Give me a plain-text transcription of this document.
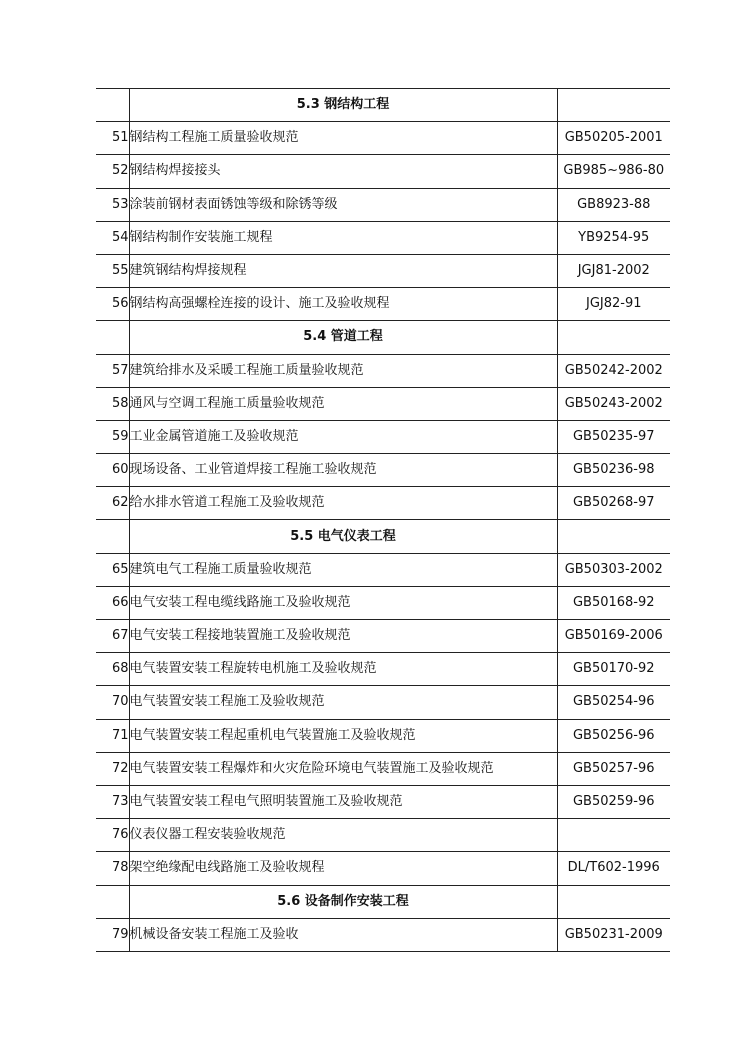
	5.3 钢结构工程	
51	钢结构工程施工质量验收规范	GB50205-2001
52	钢结构焊接接头	GB985~986-80
53	涂装前钢材表面锈蚀等级和除锈等级	GB8923-88
54	钢结构制作安装施工规程	YB9254-95
55	建筑钢结构焊接规程	JGJ81-2002
56	钢结构高强螺栓连接的设计、施工及验收规程	JGJ82-91
	5.4 管道工程	
57	建筑给排水及采暖工程施工质量验收规范	GB50242-2002
58	通风与空调工程施工质量验收规范	GB50243-2002
59	工业金属管道施工及验收规范	GB50235-97
60	现场设备、工业管道焊接工程施工验收规范	GB50236-98
62	给水排水管道工程施工及验收规范	GB50268-97
	5.5 电气仪表工程	
65	建筑电气工程施工质量验收规范	GB50303-2002
66	电气安装工程电缆线路施工及验收规范	GB50168-92
67	电气安装工程接地装置施工及验收规范	GB50169-2006
68	电气装置安装工程旋转电机施工及验收规范	GB50170-92
70	电气装置安装工程施工及验收规范	GB50254-96
71	电气装置安装工程起重机电气装置施工及验收规范	GB50256-96
72	电气装置安装工程爆炸和火灾危险环境电气装置施工及验收规范	GB50257-96
73	电气装置安装工程电气照明装置施工及验收规范	GB50259-96
76	仪表仪器工程安装验收规范	
78	架空绝缘配电线路施工及验收规程	DL/T602-1996
	5.6 设备制作安装工程	
79	机械设备安装工程施工及验收	GB50231-2009
